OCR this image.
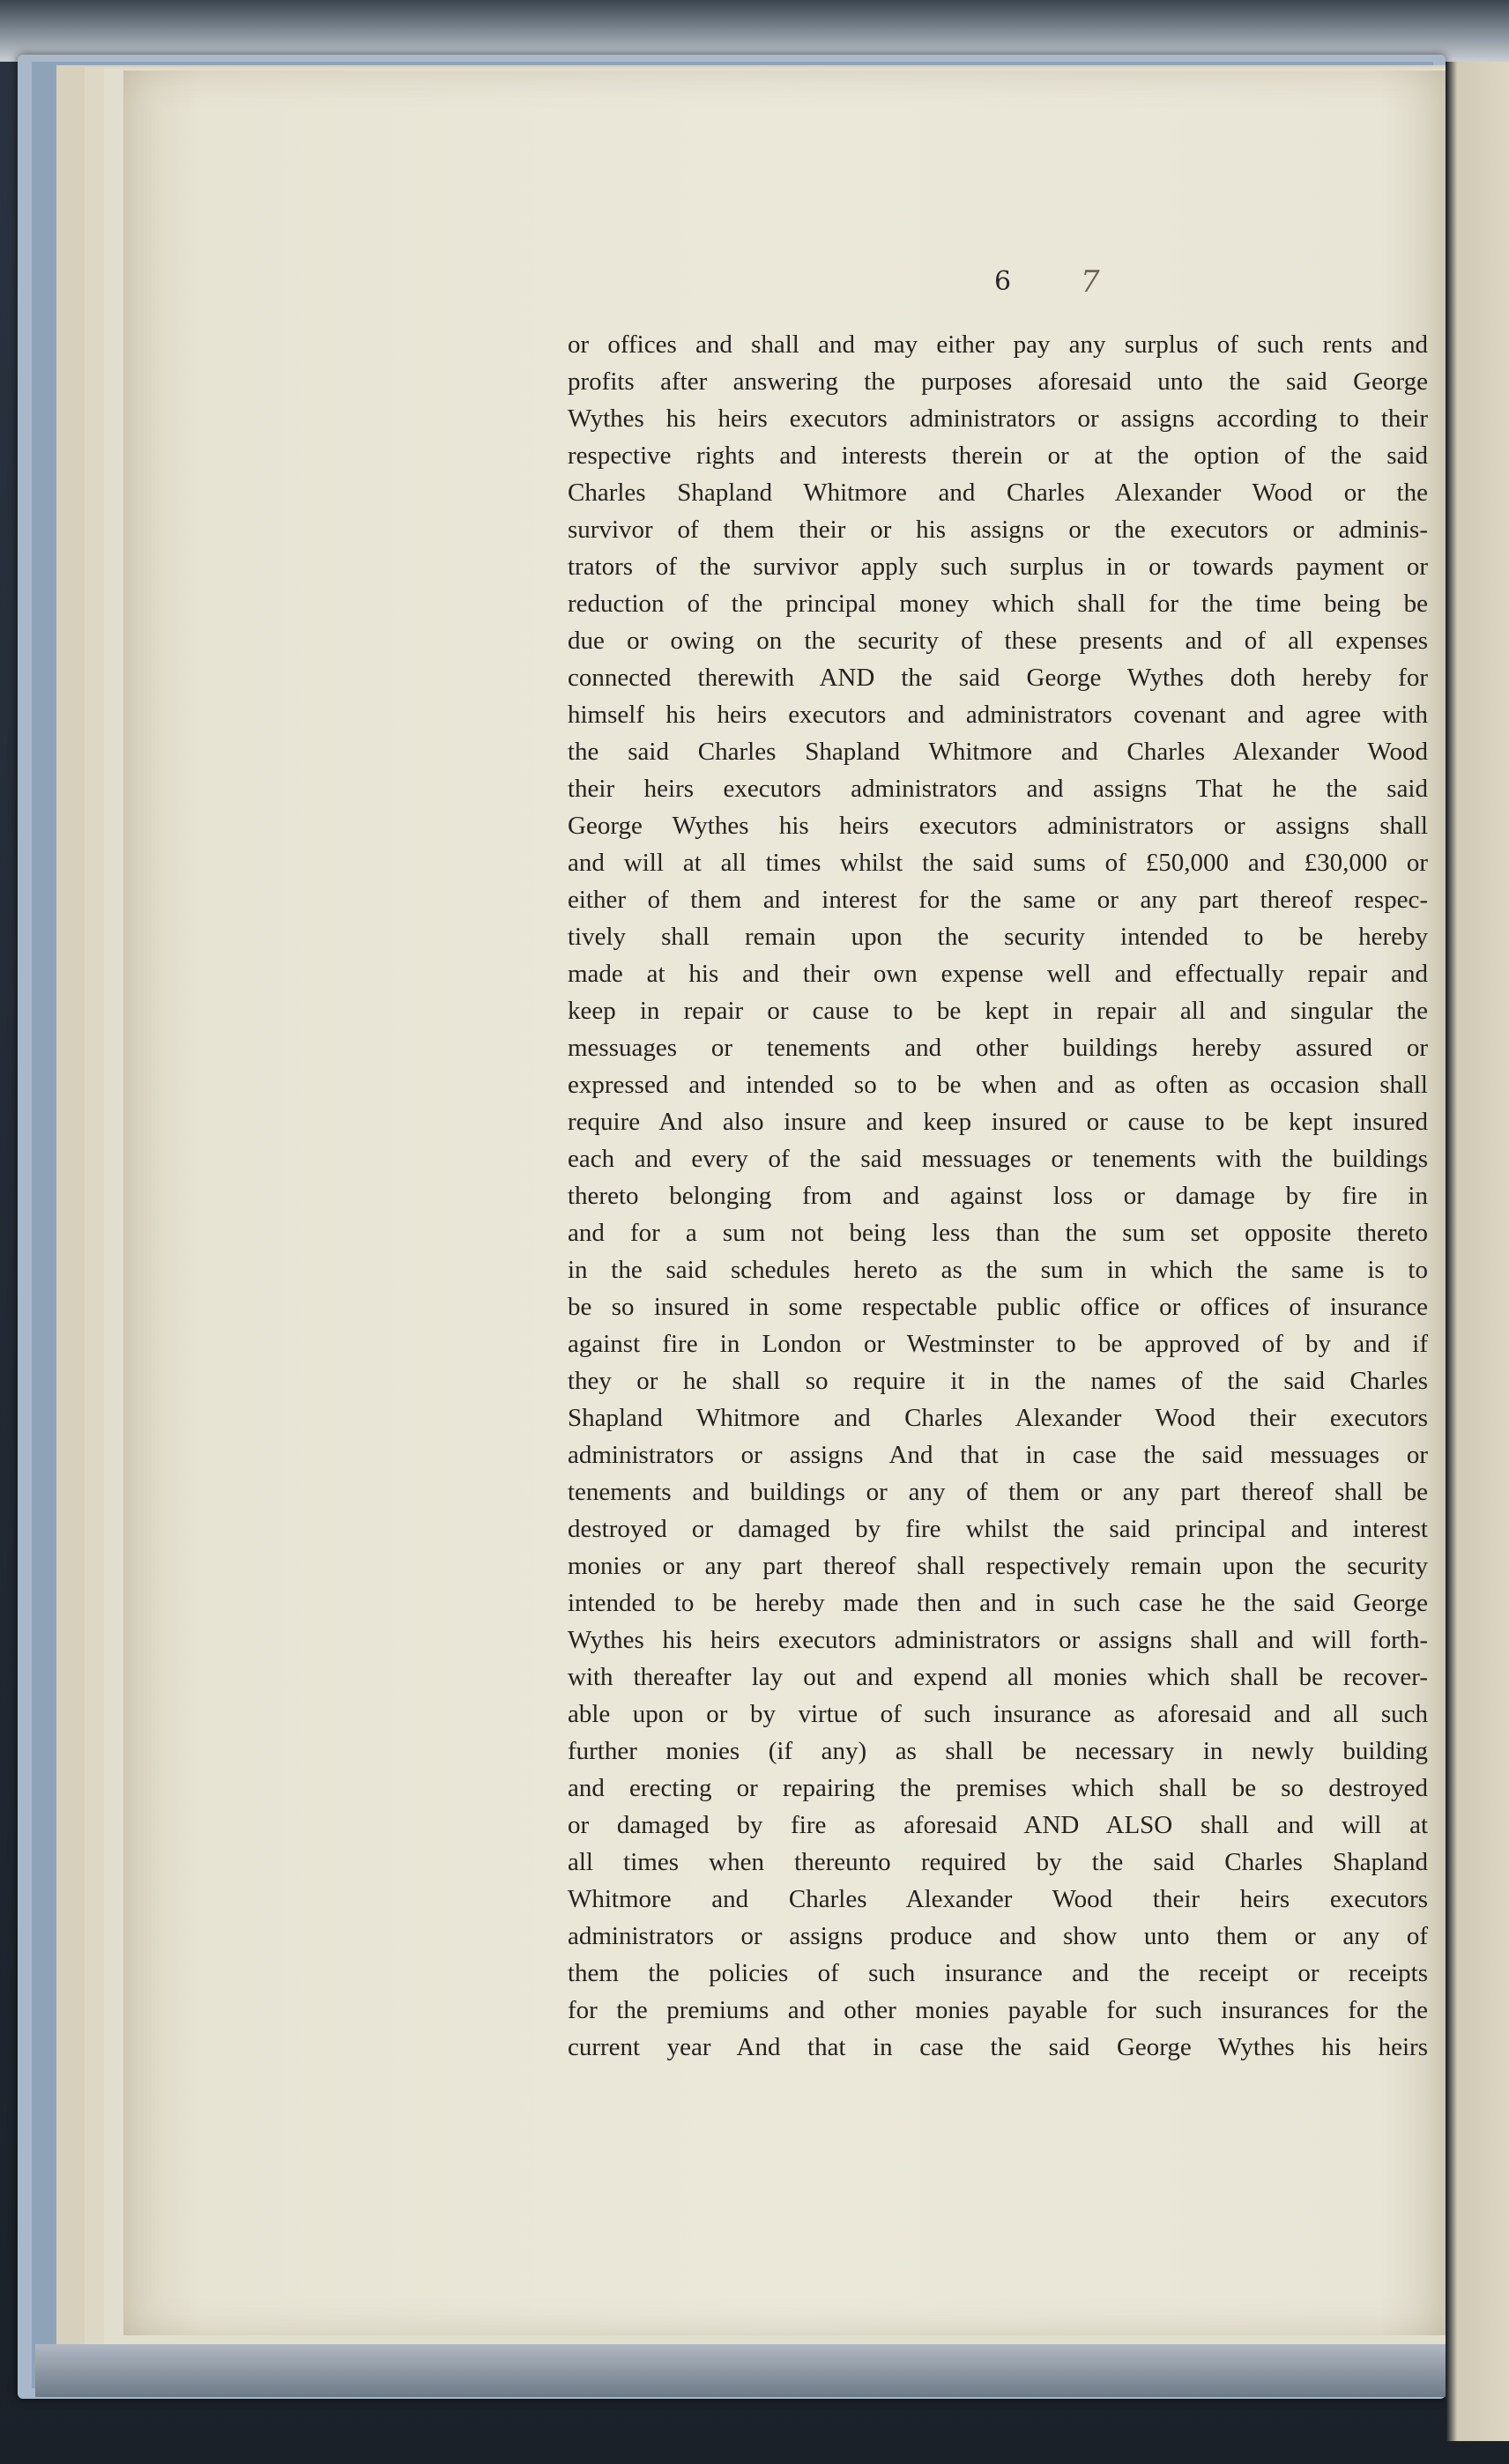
6 7
or offices and shall and may either pay any surplus of such rents and
profits after answering the purposes aforesaid unto the said George
Wythes his heirs executors administrators or assigns according to their
respective rights and interests therein or at the option of the said
Charles Shapland Whitmore and Charles Alexander Wood or the
survivor of them their or his assigns or the executors or adminis-
trators of the survivor apply such surplus in or towards payment or
reduction of the principal money which shall for the time being be
due or owing on the security of these presents and of all expenses
connected therewith AND the said George Wythes doth hereby for
himself his heirs executors and administrators covenant and agree with
the said Charles Shapland Whitmore and Charles Alexander Wood
their heirs executors administrators and assigns That he the said
George Wythes his heirs executors administrators or assigns shall
and will at all times whilst the said sums of £50,000 and £30,000 or
either of them and interest for the same or any part thereof respec-
tively shall remain upon the security intended to be hereby
made at his and their own expense well and effectually repair and
keep in repair or cause to be kept in repair all and singular the
messuages or tenements and other buildings hereby assured or
expressed and intended so to be when and as often as occasion shall
require And also insure and keep insured or cause to be kept insured
each and every of the said messuages or tenements with the buildings
thereto belonging from and against loss or damage by fire in
and for a sum not being less than the sum set opposite thereto
in the said schedules hereto as the sum in which the same is to
be so insured in some respectable public office or offices of insurance
against fire in London or Westminster to be approved of by and if
they or he shall so require it in the names of the said Charles
Shapland Whitmore and Charles Alexander Wood their executors
administrators or assigns And that in case the said messuages or
tenements and buildings or any of them or any part thereof shall be
destroyed or damaged by fire whilst the said principal and interest
monies or any part thereof shall respectively remain upon the security
intended to be hereby made then and in such case he the said George
Wythes his heirs executors administrators or assigns shall and will forth-
with thereafter lay out and expend all monies which shall be recover-
able upon or by virtue of such insurance as aforesaid and all such
further monies (if any) as shall be necessary in newly building
and erecting or repairing the premises which shall be so destroyed
or damaged by fire as aforesaid AND ALSO shall and will at
all times when thereunto required by the said Charles Shapland
Whitmore and Charles Alexander Wood their heirs executors
administrators or assigns produce and show unto them or any of
them the policies of such insurance and the receipt or receipts
for the premiums and other monies payable for such insurances for the
current year And that in case the said George Wythes his heirs
